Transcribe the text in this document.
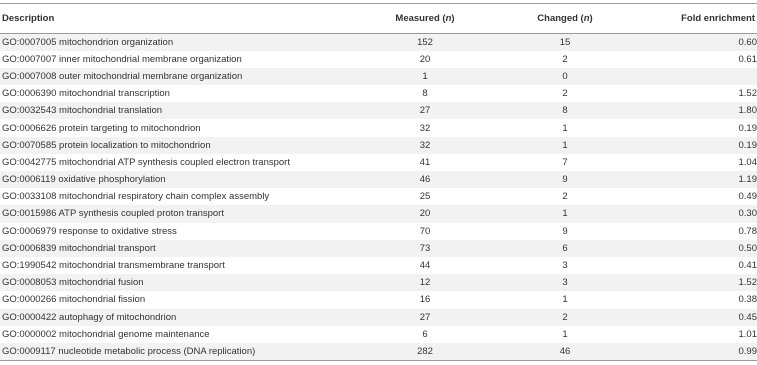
Description	Measured (n)	Changed (n)	Fold enrichment
GO:0007005 mitochondrion organization	152	15	0.60
GO:0007007 inner mitochondrial membrane organization	20	2	0.61
GO:0007008 outer mitochondrial membrane organization	1	0	
GO:0006390 mitochondrial transcription	8	2	1.52
GO:0032543 mitochondrial translation	27	8	1.80
GO:0006626 protein targeting to mitochondrion	32	1	0.19
GO:0070585 protein localization to mitochondrion	32	1	0.19
GO:0042775 mitochondrial ATP synthesis coupled electron transport	41	7	1.04
GO:0006119 oxidative phosphorylation	46	9	1.19
GO:0033108 mitochondrial respiratory chain complex assembly	25	2	0.49
GO:0015986 ATP synthesis coupled proton transport	20	1	0.30
GO:0006979 response to oxidative stress	70	9	0.78
GO:0006839 mitochondrial transport	73	6	0.50
GO:1990542 mitochondrial transmembrane transport	44	3	0.41
GO:0008053 mitochondrial fusion	12	3	1.52
GO:0000266 mitochondrial fission	16	1	0.38
GO:0000422 autophagy of mitochondrion	27	2	0.45
GO:0000002 mitochondrial genome maintenance	6	1	1.01
GO:0009117 nucleotide metabolic process (DNA replication)	282	46	0.99
